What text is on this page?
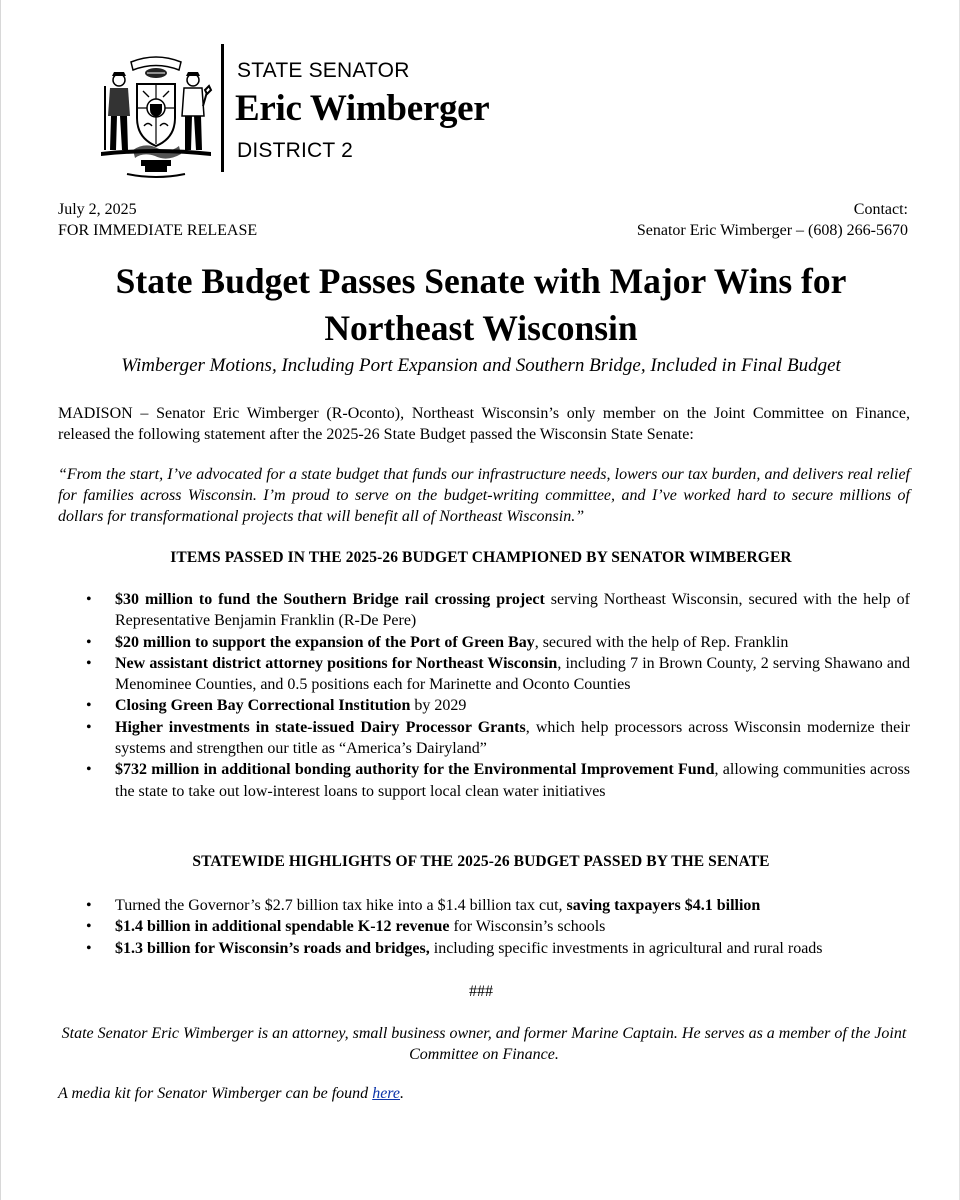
STATE SENATOR
Eric Wimberger
DISTRICT 2
July 2, 2025
FOR IMMEDIATE RELEASE
Contact:
Senator Eric Wimberger – (608) 266-5670
State Budget Passes Senate with Major Wins for
Northeast Wisconsin
Wimberger Motions, Including Port Expansion and Southern Bridge, Included in Final Budget
MADISON – Senator Eric Wimberger (R-Oconto), Northeast Wisconsin’s only member on the Joint Committee on Finance, released the following statement after the 2025-26 State Budget passed the Wisconsin State Senate:
“From the start, I’ve advocated for a state budget that funds our infrastructure needs, lowers our tax burden, and delivers real relief for families across Wisconsin. I’m proud to serve on the budget-writing committee, and I’ve worked hard to secure millions of dollars for transformational projects that will benefit all of Northeast Wisconsin.”
ITEMS PASSED IN THE 2025-26 BUDGET CHAMPIONED BY SENATOR WIMBERGER
• $30 million to fund the Southern Bridge rail crossing project serving Northeast Wisconsin, secured with the help of Representative Benjamin Franklin (R-De Pere)
• $20 million to support the expansion of the Port of Green Bay, secured with the help of Rep. Franklin
• New assistant district attorney positions for Northeast Wisconsin, including 7 in Brown County, 2 serving Shawano and Menominee Counties, and 0.5 positions each for Marinette and Oconto Counties
• Closing Green Bay Correctional Institution by 2029
• Higher investments in state-issued Dairy Processor Grants, which help processors across Wisconsin modernize their systems and strengthen our title as “America’s Dairyland”
• $732 million in additional bonding authority for the Environmental Improvement Fund, allowing communities across the state to take out low-interest loans to support local clean water initiatives
STATEWIDE HIGHLIGHTS OF THE 2025-26 BUDGET PASSED BY THE SENATE
• Turned the Governor’s $2.7 billion tax hike into a $1.4 billion tax cut, saving taxpayers $4.1 billion
• $1.4 billion in additional spendable K-12 revenue for Wisconsin’s schools
• $1.3 billion for Wisconsin’s roads and bridges, including specific investments in agricultural and rural roads
###
State Senator Eric Wimberger is an attorney, small business owner, and former Marine Captain. He serves as a member of the Joint Committee on Finance.
A media kit for Senator Wimberger can be found here.
